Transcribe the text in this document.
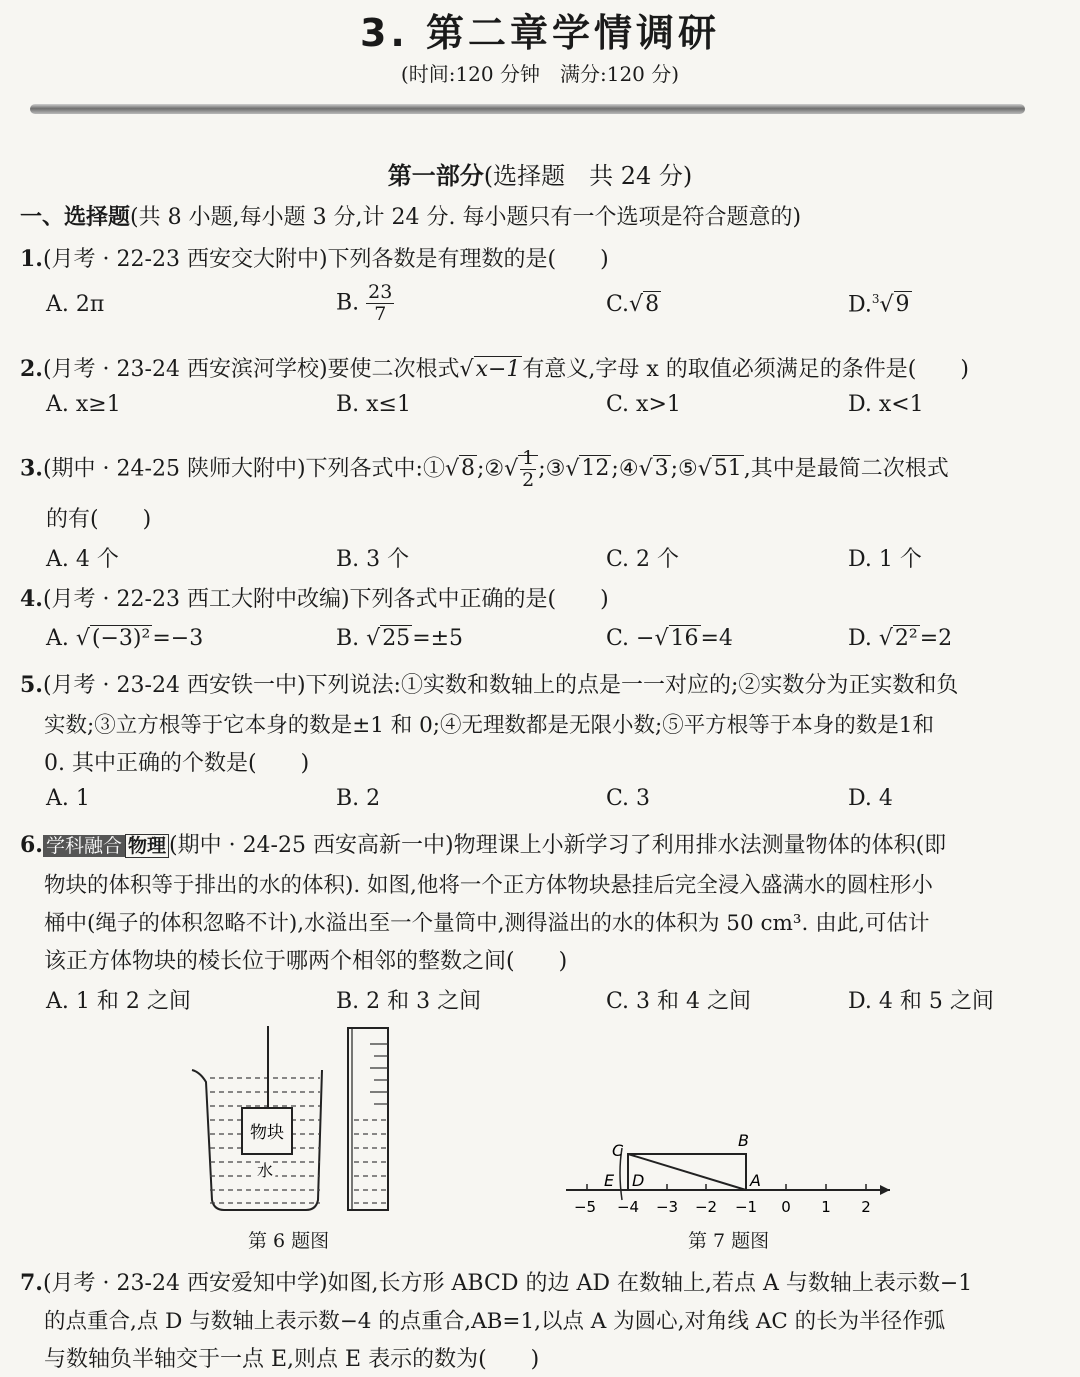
3. 第二章学情调研
(时间:120 分钟　满分:120 分)
第一部分(选择题　共 24 分)
一、选择题(共 8 小题,每小题 3 分,计 24 分. 每小题只有一个选项是符合题意的)
1.(月考 · 22-23 西安交大附中)下列各数是有理数的是(　　)
A. 2π	B. $\frac{23}{7}$	C.√8	D.$^3$√9
2.(月考 · 23-24 西安滨河学校)要使二次根式√x−1有意义,字母 x 的取值必须满足的条件是(　　)
A. x≥1	B. x≤1	C. x>1	D. x<1
3.(期中 · 24-25 陕师大附中)下列各式中:①√8;②√ $\frac{1}{2}$ ;③√12;④√3;⑤√51,其中是最简二次根式
的有(　　)
A. 4 个	B. 3 个	C. 2 个	D. 1 个
4.(月考 · 22-23 西工大附中改编)下列各式中正确的是(　　)
A. √(−3)²=−3	B. √25=±5	C. −√16=4	D. √2²=2
5.(月考 · 23-24 西安铁一中)下列说法:①实数和数轴上的点是一一对应的;②实数分为正实数和负
实数;③立方根等于它本身的数是±1 和 0;④无理数都是无限小数;⑤平方根等于本身的数是1和
0. 其中正确的个数是(　　)
A. 1	B. 2	C. 3	D. 4
6. 学科融合 物理 (期中 · 24-25 西安高新一中)物理课上小新学习了利用排水法测量物体的体积(即
物块的体积等于排出的水的体积). 如图,他将一个正方体物块悬挂后完全浸入盛满水的圆柱形小
桶中(绳子的体积忽略不计),水溢出至一个量筒中,测得溢出的水的体积为 50 cm³. 由此,可估计
该正方体物块的棱长位于哪两个相邻的整数之间(　　)
A. 1 和 2 之间	B. 2 和 3 之间	C. 3 和 4 之间	D. 4 和 5 之间
物块
水
第 6 题图
C
B
E D	A
−5 −4 −3 −2 −1 0 1 2
第 7 题图
7.(月考 · 23-24 西安爱知中学)如图,长方形 ABCD 的边 AD 在数轴上,若点 A 与数轴上表示数−1
的点重合,点 D 与数轴上表示数−4 的点重合,AB=1,以点 A 为圆心,对角线 AC 的长为半径作弧
与数轴负半轴交于一点 E,则点 E 表示的数为(　　)
